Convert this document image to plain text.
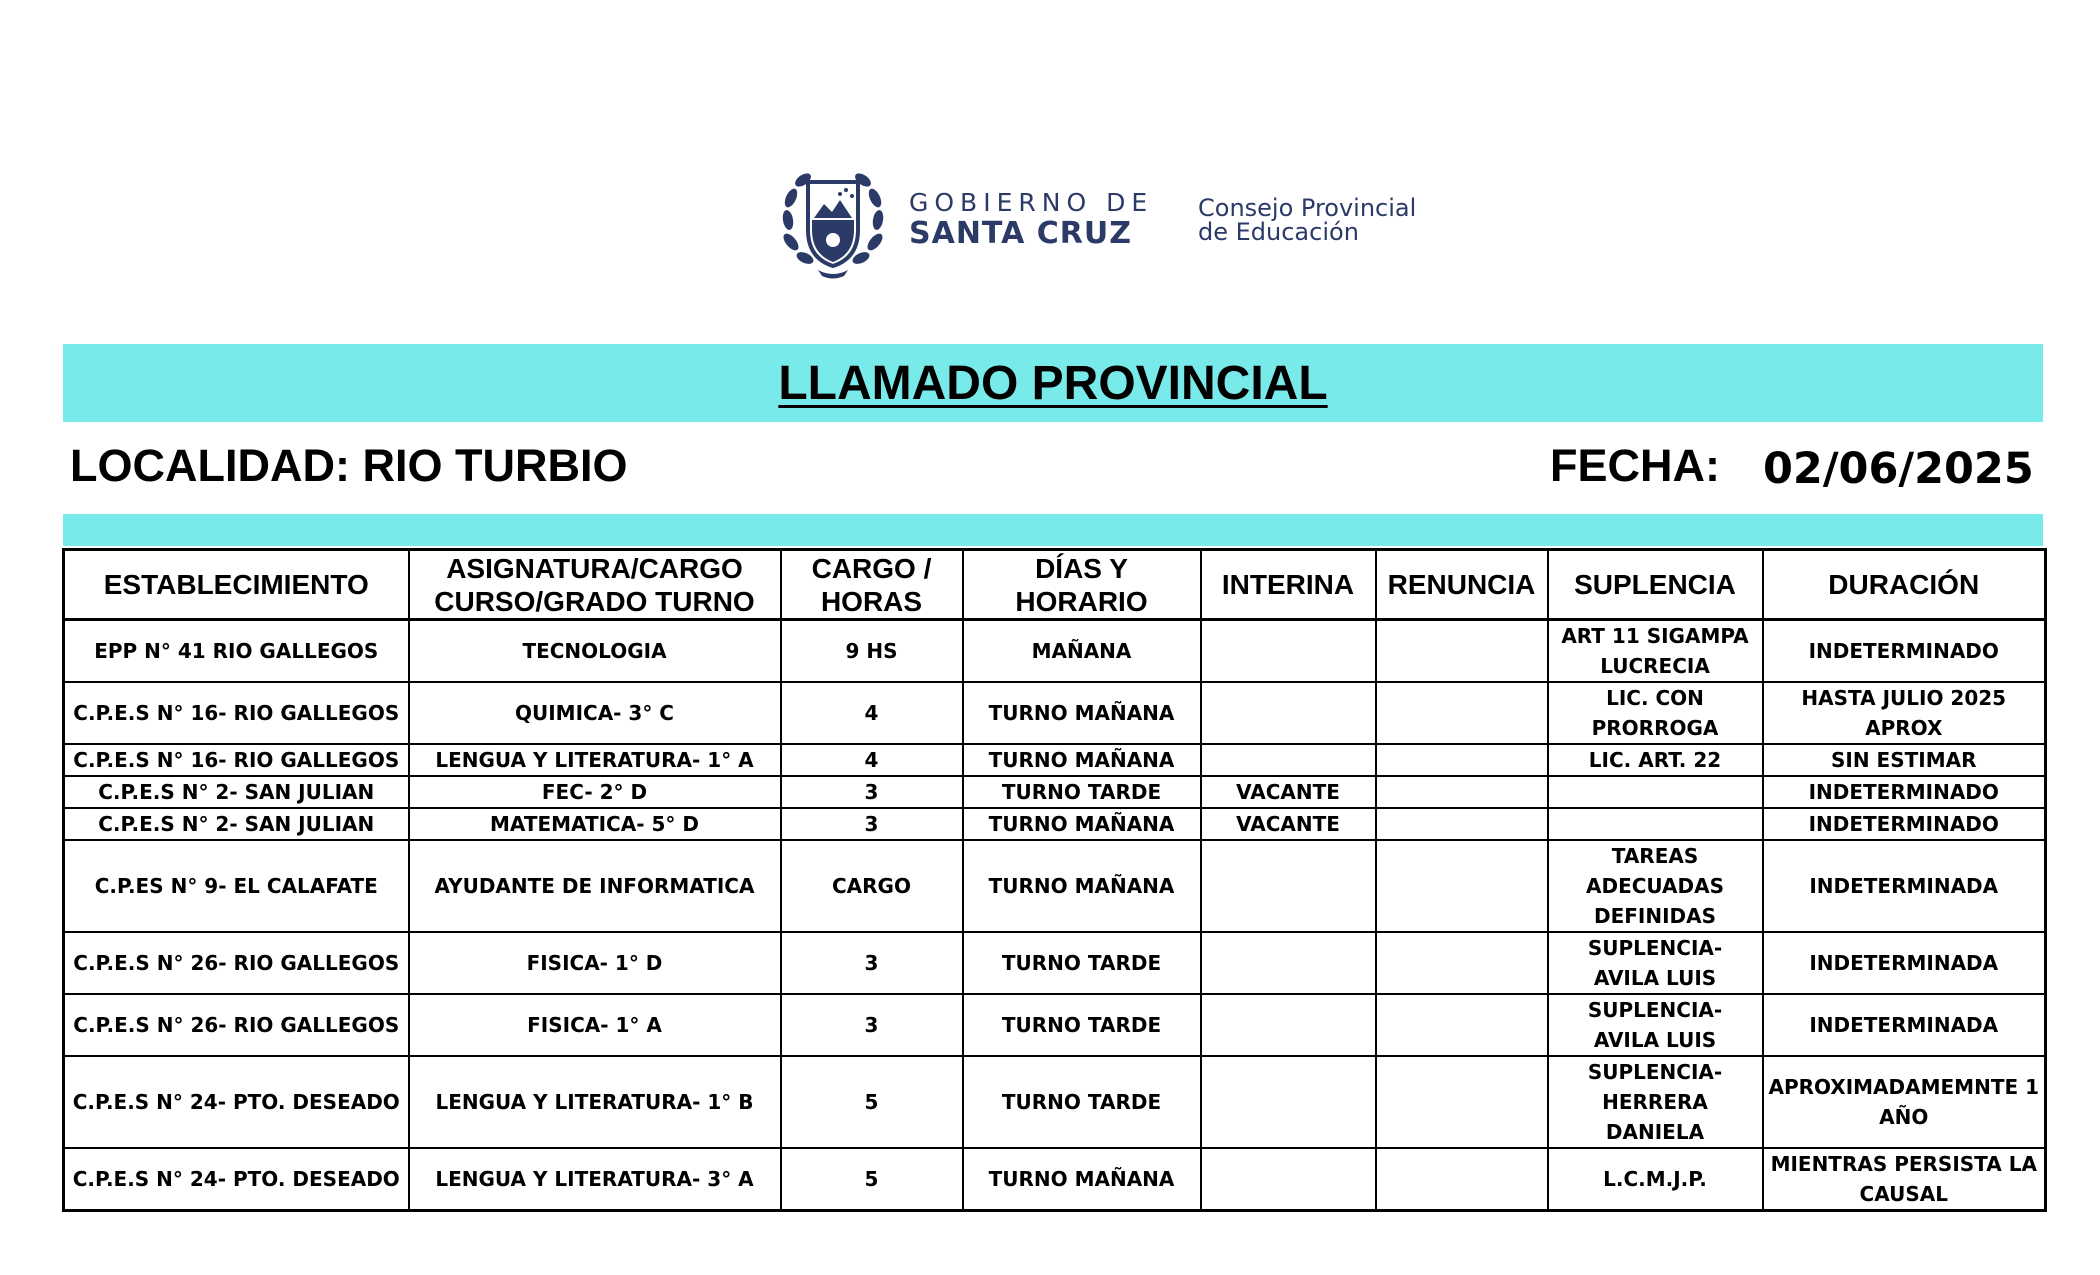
GOBIERNO DE
SANTA CRUZ
Consejo Provincial
de Educación
LLAMADO PROVINCIAL
LOCALIDAD: RIO TURBIO	FECHA: 02/06/2025
ESTABLECIMIENTO	ASIGNATURA/CARGO CURSO/GRADO TURNO	CARGO / HORAS	DÍAS Y HORARIO	INTERINA	RENUNCIA	SUPLENCIA	DURACIÓN
EPP N° 41 RIO GALLEGOS	TECNOLOGIA	9 HS	MAÑANA			ART 11 SIGAMPA LUCRECIA	INDETERMINADO
C.P.E.S N° 16- RIO GALLEGOS	QUIMICA- 3° C	4	TURNO MAÑANA			LIC. CON PRORROGA	HASTA JULIO 2025 APROX
C.P.E.S N° 16- RIO GALLEGOS	LENGUA Y LITERATURA- 1° A	4	TURNO MAÑANA			LIC. ART. 22	SIN ESTIMAR
C.P.E.S N° 2- SAN JULIAN	FEC- 2° D	3	TURNO TARDE	VACANTE			INDETERMINADO
C.P.E.S N° 2- SAN JULIAN	MATEMATICA- 5° D	3	TURNO MAÑANA	VACANTE			INDETERMINADO
C.P.ES N° 9- EL CALAFATE	AYUDANTE DE INFORMATICA	CARGO	TURNO MAÑANA			TAREAS ADECUADAS DEFINIDAS	INDETERMINADA
C.P.E.S N° 26- RIO GALLEGOS	FISICA- 1° D	3	TURNO TARDE			SUPLENCIA- AVILA LUIS	INDETERMINADA
C.P.E.S N° 26- RIO GALLEGOS	FISICA- 1° A	3	TURNO TARDE			SUPLENCIA- AVILA LUIS	INDETERMINADA
C.P.E.S N° 24- PTO. DESEADO	LENGUA Y LITERATURA- 1° B	5	TURNO TARDE			SUPLENCIA- HERRERA DANIELA	APROXIMADAMEMNTE 1 AÑO
C.P.E.S N° 24- PTO. DESEADO	LENGUA Y LITERATURA- 3° A	5	TURNO MAÑANA			L.C.M.J.P.	MIENTRAS PERSISTA LA CAUSAL
